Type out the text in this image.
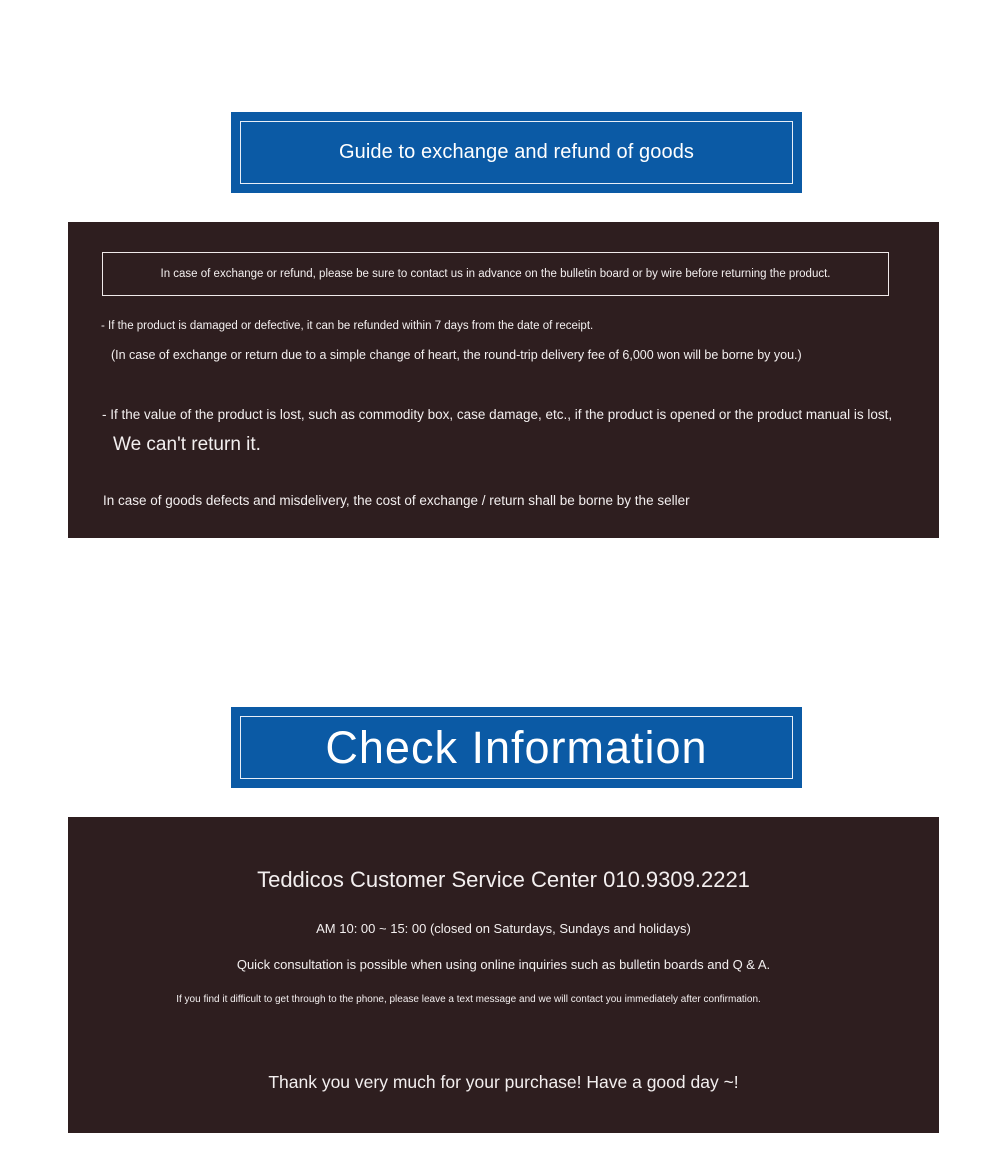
Guide to exchange and refund of goods
In case of exchange or refund, please be sure to contact us in advance on the bulletin board or by wire before returning the product.
- If the product is damaged or defective, it can be refunded within 7 days from the date of receipt.
(In case of exchange or return due to a simple change of heart, the round-trip delivery fee of 6,000 won will be borne by you.)
- If the value of the product is lost, such as commodity box, case damage, etc., if the product is opened or the product manual is lost,
We can't return it.
In case of goods defects and misdelivery, the cost of exchange / return shall be borne by the seller
Check Information
Teddicos Customer Service Center 010.9309.2221
AM 10: 00 ~ 15: 00 (closed on Saturdays, Sundays and holidays)
Quick consultation is possible when using online inquiries such as bulletin boards and Q & A.
If you find it difficult to get through to the phone, please leave a text message and we will contact you immediately after confirmation.
Thank you very much for your purchase! Have a good day ~!
